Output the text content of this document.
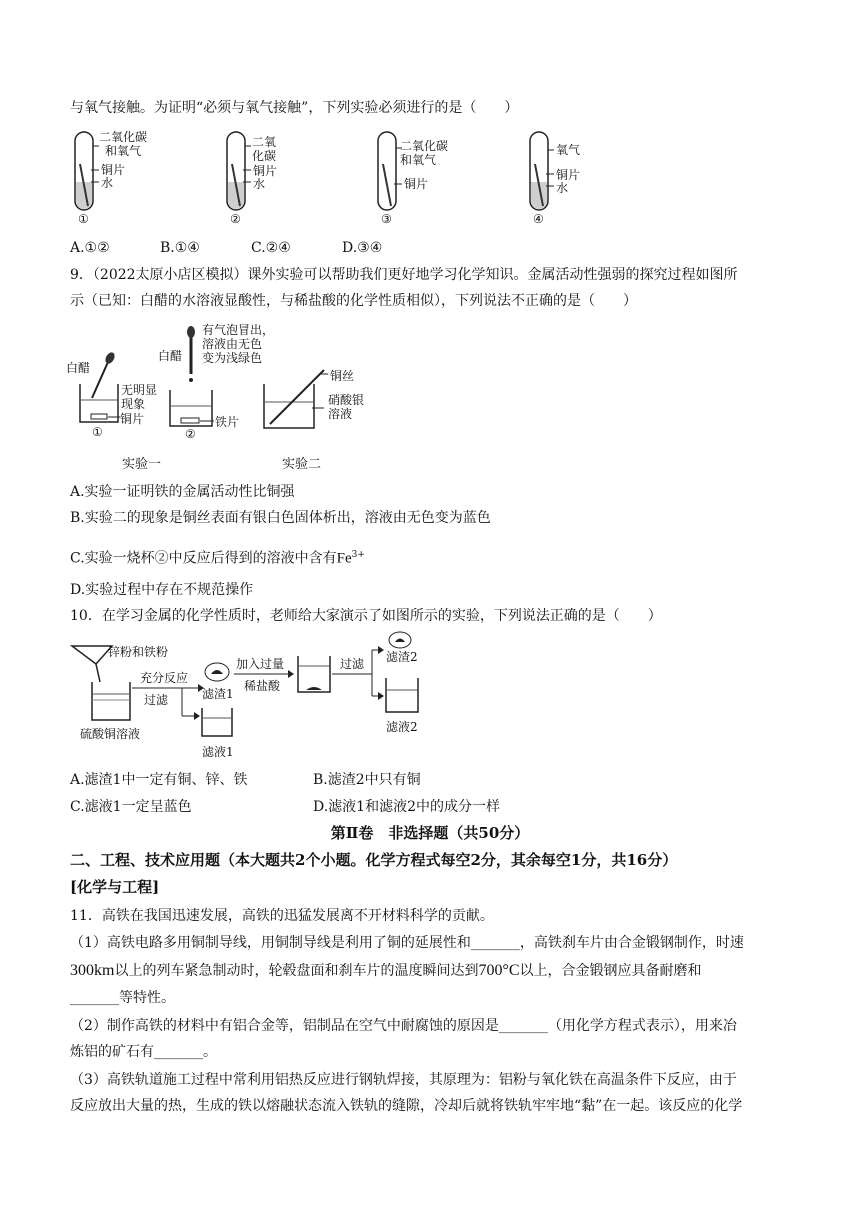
与氧气接触。为证明“必须与氧气接触”，下列实验必须进行的是（　　）
二氧化碳
和氧气
铜片
水
①
二氧
化碳
铜片
水
②
二氧化碳
和氧气
铜片
③
氧气
铜片
水
④
A.①②	B.①④	C.②④	D.③④
9．（2022太原小店区模拟）课外实验可以帮助我们更好地学习化学知识。金属活动性强弱的探究过程如图所
示（已知：白醋的水溶液显酸性，与稀盐酸的化学性质相似），下列说法不正确的是（　　）
白醋
无明显
现象
铜片
①
白醋
有气泡冒出，
溶液由无色
变为浅绿色
铁片
②
铜丝
硝酸银
溶液
实验一	实验二
A.实验一证明铁的金属活动性比铜强
B.实验二的现象是铜丝表面有银白色固体析出，溶液由无色变为蓝色
C.实验一烧杯②中反应后得到的溶液中含有$Fe^{3+}$
D.实验过程中存在不规范操作
10．在学习金属的化学性质时，老师给大家演示了如图所示的实验，下列说法正确的是（　　）
锌粉和铁粉
硫酸铜溶液
充分反应
过滤	滤渣1
滤液1
加入过量
稀盐酸
过滤 滤渣2
滤液2
A.滤渣1中一定有铜、锌、铁	B.滤渣2中只有铜
C.滤液1一定呈蓝色	D.滤液1和滤液2中的成分一样
第Ⅱ卷　非选择题（共50分）
二、工程、技术应用题（本大题共2个小题。化学方程式每空2分，其余每空1分，共16分）
[化学与工程]
11．高铁在我国迅速发展，高铁的迅猛发展离不开材料科学的贡献。
（1）高铁电路多用铜制导线，用铜制导线是利用了铜的延展性和_______，高铁刹车片由合金锻钢制作，时速
300km以上的列车紧急制动时，轮毂盘面和刹车片的温度瞬间达到700°C以上，合金锻钢应具备耐磨和
_______等特性。
（2）制作高铁的材料中有铝合金等，铝制品在空气中耐腐蚀的原因是_______（用化学方程式表示），用来冶
炼铝的矿石有_______。
（3）高铁轨道施工过程中常利用铝热反应进行钢轨焊接，其原理为：铝粉与氧化铁在高温条件下反应，由于
反应放出大量的热，生成的铁以熔融状态流入铁轨的缝隙，冷却后就将铁轨牢牢地“黏”在一起。该反应的化学
